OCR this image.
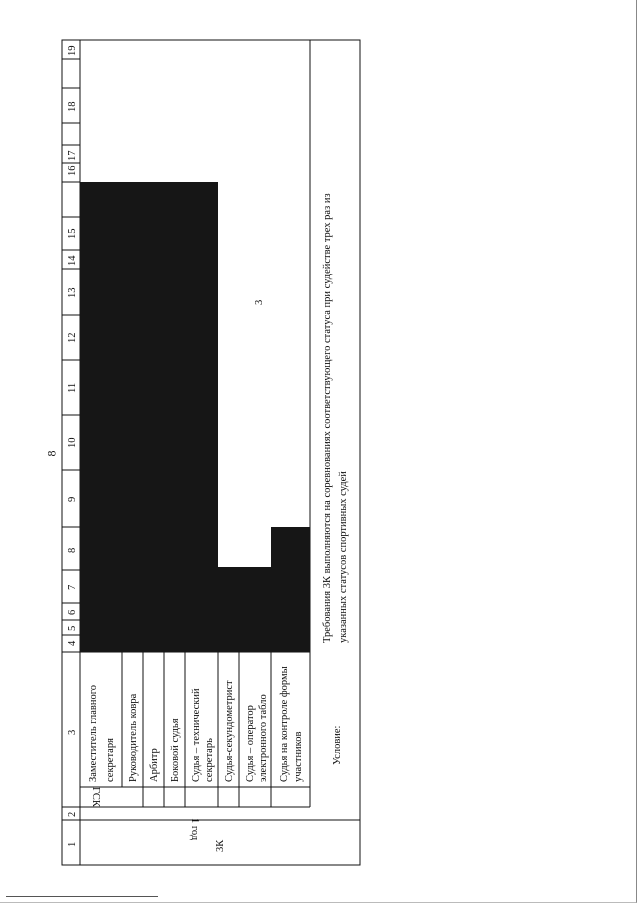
8
1
2
3
4
5
6
7
8
9
10
11
12
13
14
15
16
17
18
19
3К
1 год
ГСК
Заместитель главного секретаря Руководитель ковра Арбитр Боковой судья Судья – технический секретарь Судья-секундометрист Судья – оператор электронного табло Судья на контроле формы участников
3
Условие:
Требования 3К выполняются на соревнованиях соответствующего статуса при судействе трех раз из указанных статусов спортивных судей
